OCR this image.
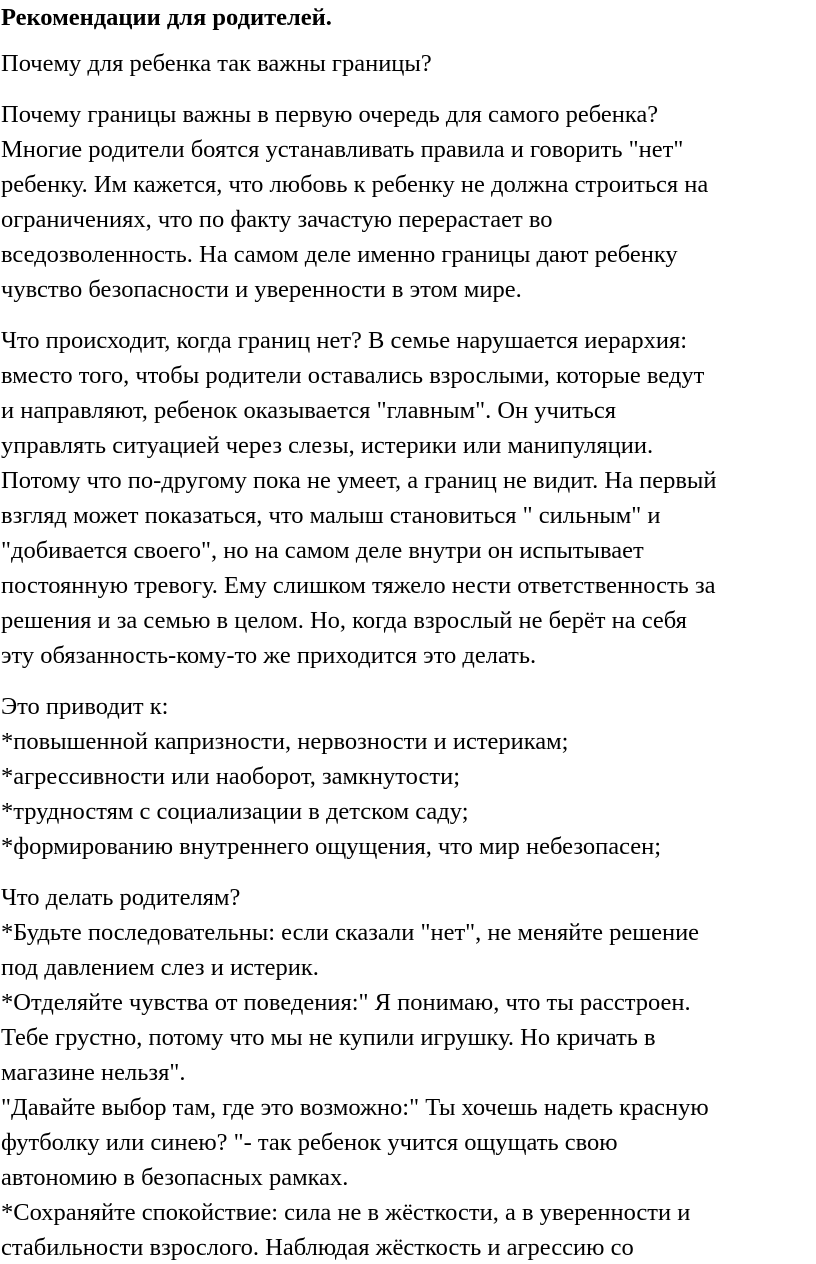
Рекомендации для родителей.
Почему для ребенка так важны границы?
Почему границы важны в первую очередь для самого ребенка?
Многие родители боятся устанавливать правила и говорить "нет"
ребенку. Им кажется, что любовь к ребенку не должна строиться на
ограничениях, что по факту зачастую перерастает во
вседозволенность. На самом деле именно границы дают ребенку
чувство безопасности и уверенности в этом мире.
Что происходит, когда границ нет? В семье нарушается иерархия:
вместо того, чтобы родители оставались взрослыми, которые ведут
и направляют, ребенок оказывается "главным". Он учиться
управлять ситуацией через слезы, истерики или манипуляции.
Потому что по-другому пока не умеет, а границ не видит. На первый
взгляд может показаться, что малыш становиться " сильным" и
"добивается своего", но на самом деле внутри он испытывает
постоянную тревогу. Ему слишком тяжело нести ответственность за
решения и за семью в целом. Но, когда взрослый не берёт на себя
эту обязанность-кому-то же приходится это делать.
Это приводит к:
*повышенной капризности, нервозности и истерикам;
*агрессивности или наоборот, замкнутости;
*трудностям с социализации в детском саду;
*формированию внутреннего ощущения, что мир небезопасен;
Что делать родителям?
*Будьте последовательны: если сказали "нет", не меняйте решение
под давлением слез и истерик.
*Отделяйте чувства от поведения:" Я понимаю, что ты расстроен.
Тебе грустно, потому что мы не купили игрушку. Но кричать в
магазине нельзя".
"Давайте выбор там, где это возможно:" Ты хочешь надеть красную
футболку или синею? "- так ребенок учится ощущать свою
автономию в безопасных рамках.
*Сохраняйте спокойствие: сила не в жёсткости, а в уверенности и
стабильности взрослого. Наблюдая жёсткость и агрессию со
